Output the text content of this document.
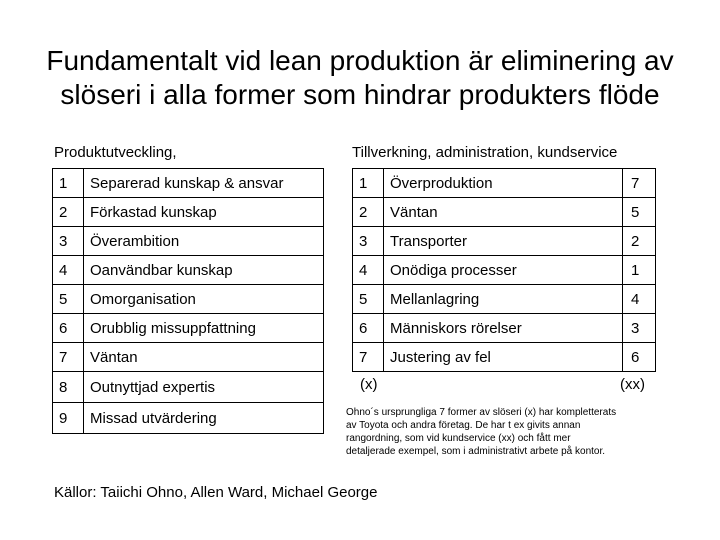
Fundamentalt vid lean produktion är eliminering av
slöseri i alla former som hindrar produkters flöde
Produktutveckling,	Tillverkning, administration, kundservice
1	Separerad kunskap & ansvar
2	Förkastad kunskap
3	Överambition
4	Oanvändbar kunskap
5	Omorganisation
6	Orubblig missuppfattning
7	Väntan
8	Outnyttjad expertis
9	Missad utvärdering
1	Överproduktion	7
2	Väntan	5
3	Transporter	2
4	Onödiga processer	1
5	Mellanlagring	4
6	Människors rörelser	3
7	Justering av fel	6
(x)	(xx)
Ohno´s ursprungliga 7 former av slöseri (x) har kompletterats
av Toyota och andra företag. De har t ex givits annan
rangordning, som vid kundservice (xx) och fått mer
detaljerade exempel, som i administrativt arbete på kontor.
Källor: Taiichi Ohno, Allen Ward, Michael George
